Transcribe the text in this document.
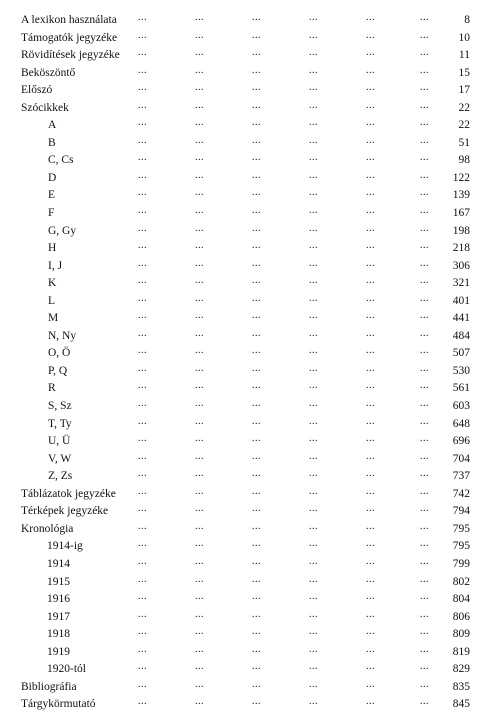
A lexikon használata ...	...	...	...	...	...	8
Támogatók jegyzéke ...	...	...	...	...	...	10
Rövidítések jegyzéke ...	...	...	...	...	...	11
Beköszöntő	...	...	...	...	...	...	15
Előszó	...	...	...	...	...	...	17
Szócikkek	...	...	...	...	...	...	22
A	...	...	...	...	...	...	22
B	...	...	...	...	...	...	51
C, Cs	...	...	...	...	...	...	98
D	...	...	...	...	...	... 122
E	...	...	...	...	...	... 139
F	...	...	...	...	...	... 167
G, Gy	...	...	...	...	...	... 198
H	...	...	...	...	...	... 218
I, J	...	...	...	...	...	... 306
K	...	...	...	...	...	... 321
L	...	...	...	...	...	... 401
M	...	...	...	...	...	... 441
N, Ny	...	...	...	...	...	... 484
O, Ö	...	...	...	...	...	... 507
P, Q	...	...	...	...	...	... 530
R	...	...	...	...	...	... 561
S, Sz	...	...	...	...	...	... 603
T, Ty	...	...	...	...	...	... 648
U, Ü	...	...	...	...	...	... 696
V, W	...	...	...	...	...	... 704
Z, Zs	...	...	...	...	...	... 737
Táblázatok jegyzéke ...	...	...	...	...	... 742
Térképek jegyzéke	...	...	...	...	...	... 794
Kronológia	...	...	...	...	...	... 795
1914-ig	...	...	...	...	...	... 795
1914	...	...	...	...	...	... 799
1915	...	...	...	...	...	... 802
1916	...	...	...	...	...	... 804
1917	...	...	...	...	...	... 806
1918	...	...	...	...	...	... 809
1919	...	...	...	...	...	... 819
1920-tól	...	...	...	...	...	... 829
Bibliográfia	...	...	...	...	...	... 835
Tárgykörmutató	...	...	...	...	...	... 845
